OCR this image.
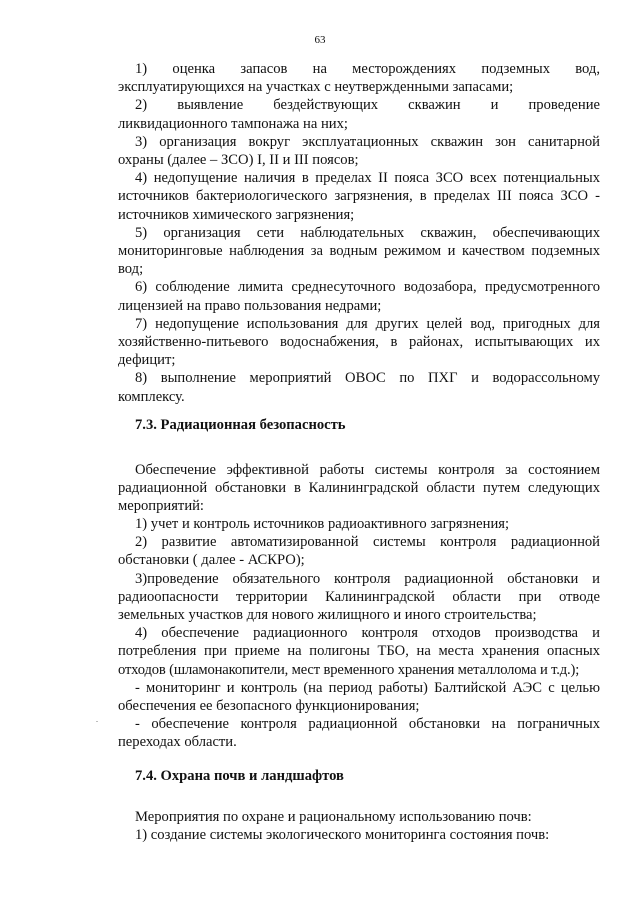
63

1) оценка запасов на месторождениях подземных вод,

эксплуатирующихся на участках с неутвержденными запасами;

2) выявление бездействующих скважин и проведение

ликвидационного тампонажа на них;

3) организация вокруг эксплуатационных скважин зон санитарной

охраны (далее – ЗСО) I, II и III поясов;

4) недопущение наличия в пределах II пояса ЗСО всех потенциальных

источников бактериологического загрязнения, в пределах III пояса ЗСО -

источников химического загрязнения;

5) организация сети наблюдательных скважин, обеспечивающих

мониторинговые наблюдения за водным режимом и качеством подземных

вод;

6) соблюдение лимита среднесуточного водозабора, предусмотренного

лицензией на право пользования недрами;

7) недопущение использования для других целей вод, пригодных для

хозяйственно-питьевого водоснабжения, в районах, испытывающих их

дефицит;

8) выполнение мероприятий ОВОС по ПХГ и водорассольному

комплексу.

7.3. Радиационная безопасность

Обеспечение эффективной работы системы контроля за состоянием

радиационной обстановки в Калининградской области путем следующих

мероприятий:

1) учет и контроль источников радиоактивного загрязнения;

2) развитие автоматизированной системы контроля радиационной

обстановки ( далее - АСКРО);

3)проведение обязательного контроля радиационной обстановки и

радиоопасности территории Калининградской области при отводе

земельных участков для нового жилищного и иного строительства;

4) обеспечение радиационного контроля отходов производства и

потребления при приеме на полигоны ТБО, на места хранения опасных

отходов (шламонакопители, мест временного хранения металлолома и т.д.);

- мониторинг и контроль (на период работы) Балтийской АЭС с целью

обеспечения ее безопасного функционирования;

- обеспечение контроля радиационной обстановки на пограничных

переходах области.

.
7.4. Охрана почв и ландшафтов

Мероприятия по охране и рациональному использованию почв:

1) создание системы экологического мониторинга состояния почв:
